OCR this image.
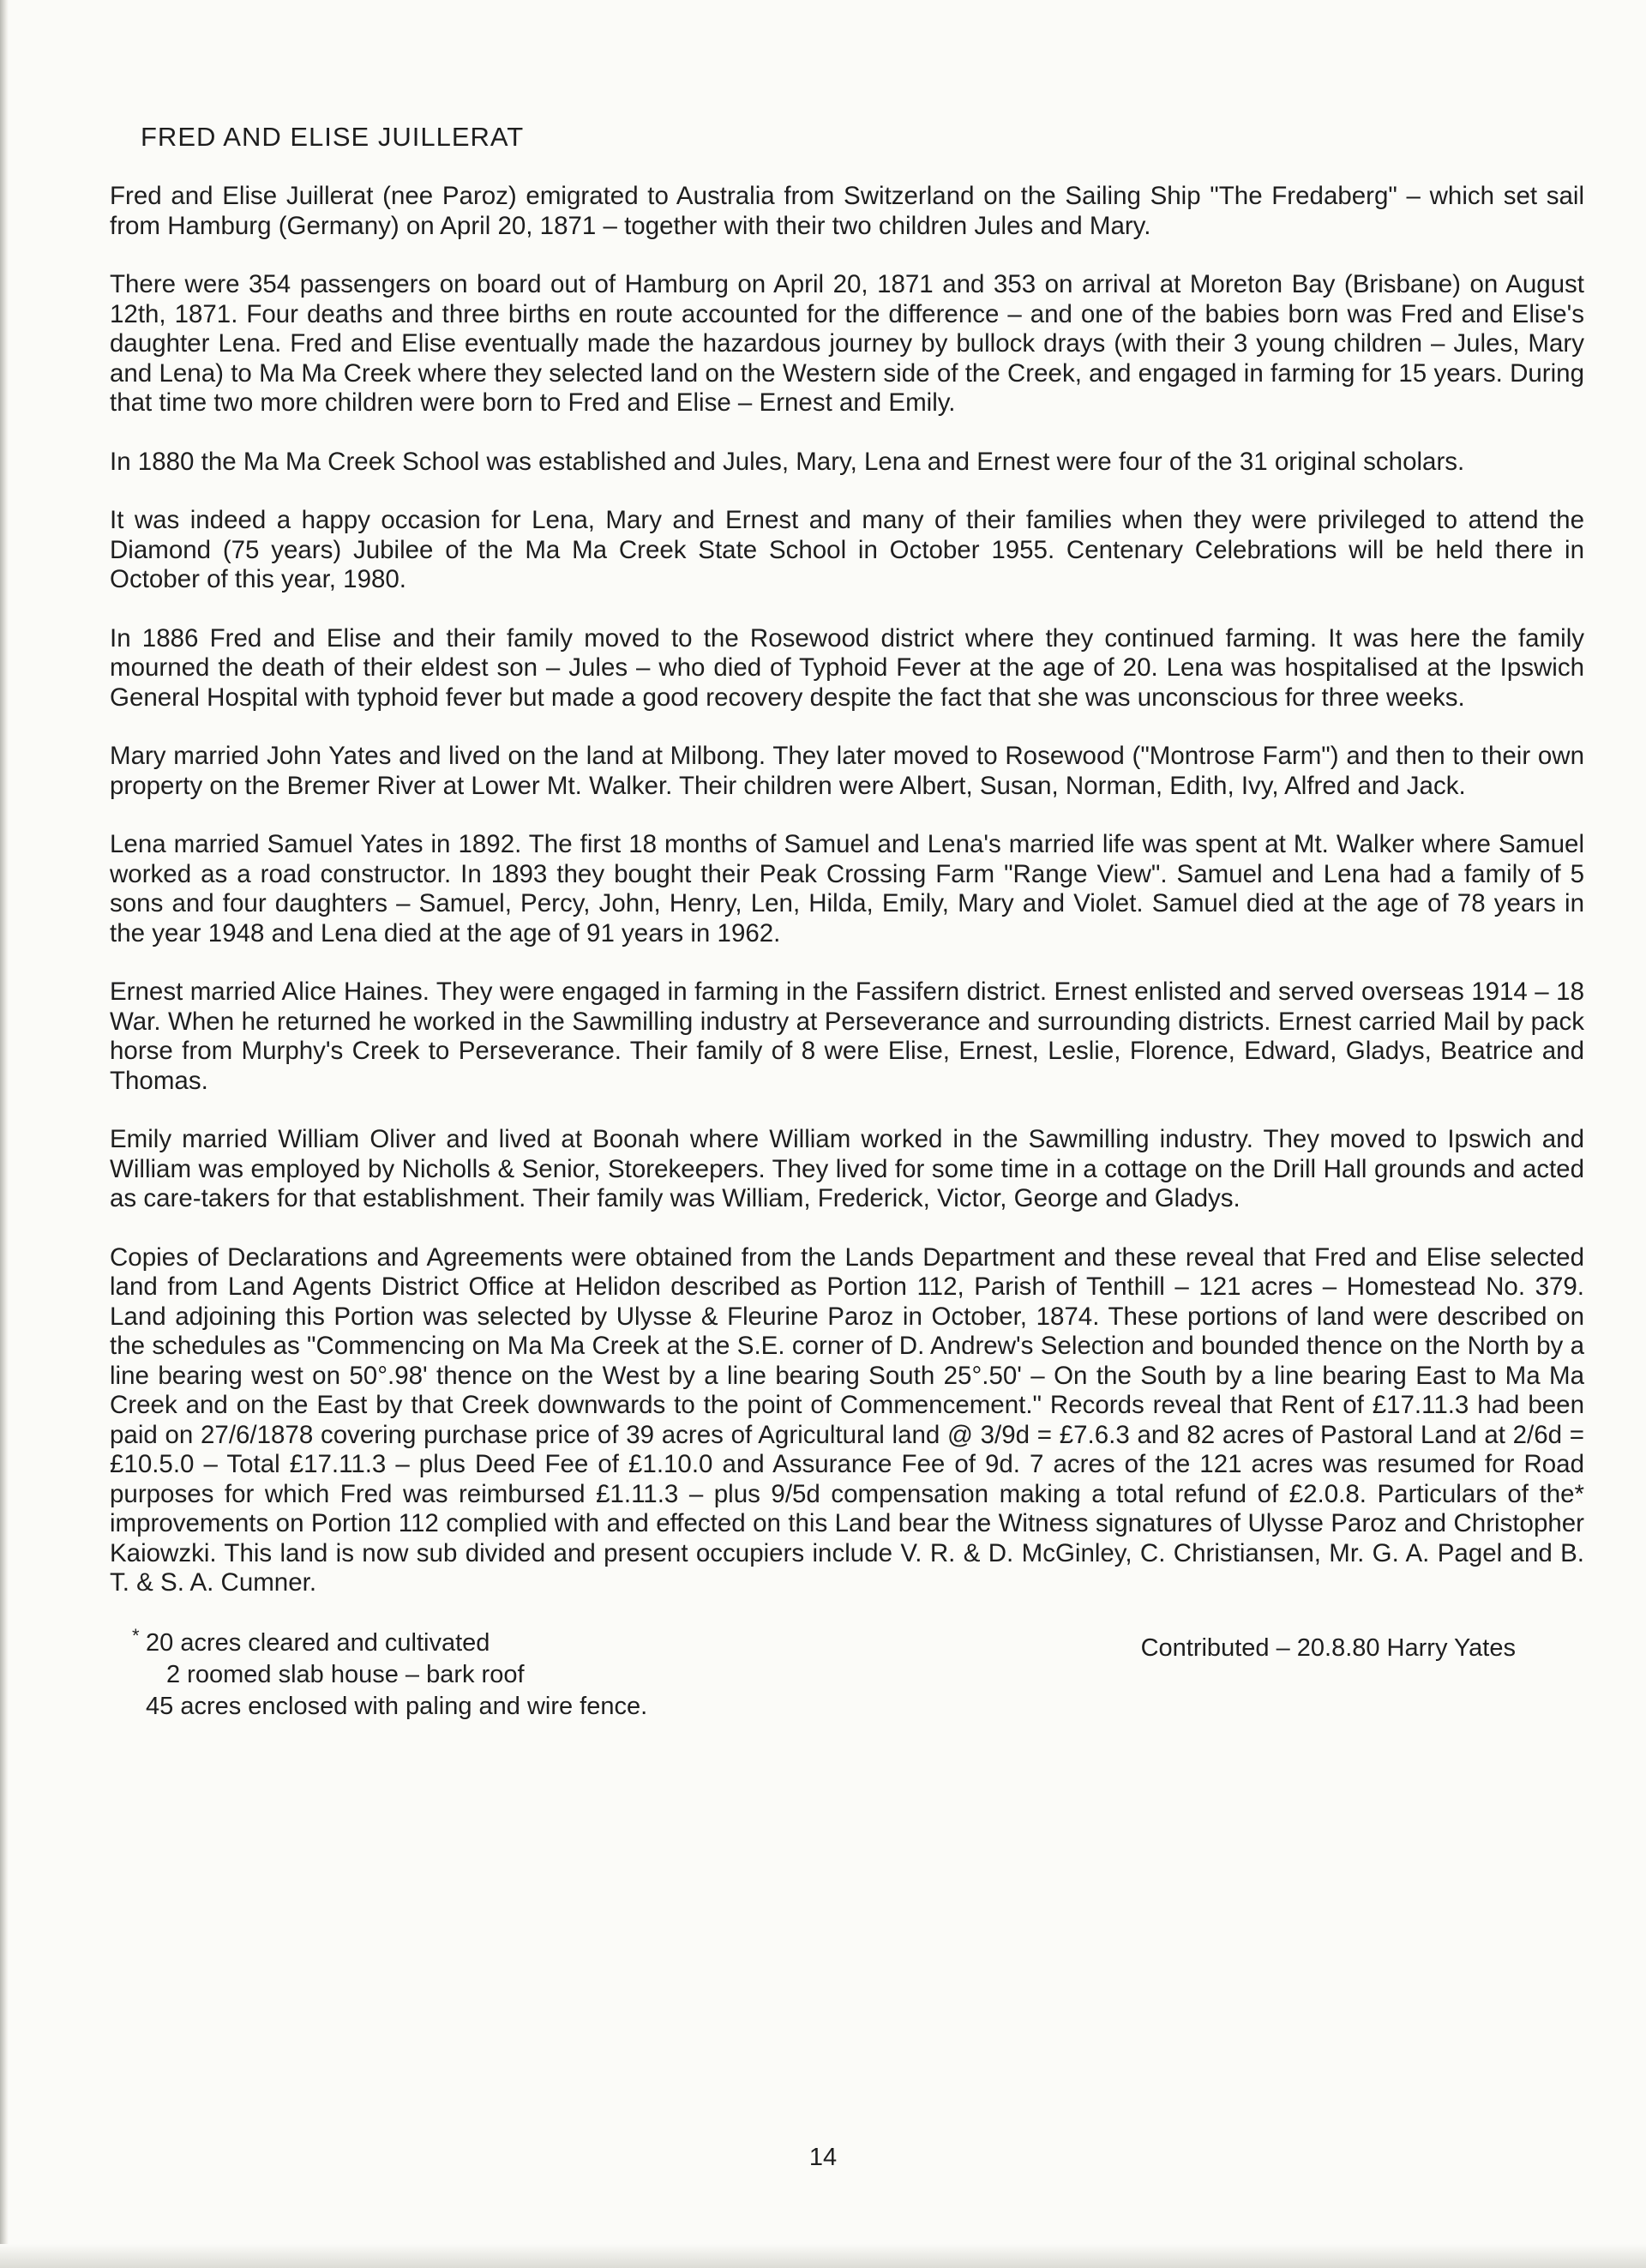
FRED AND ELISE JUILLERAT

Fred and Elise Juillerat (nee Paroz) emigrated to Australia from Switzerland on the Sailing Ship "The Fredaberg" – which set sail from Hamburg (Germany) on April 20, 1871 – together with their two children Jules and Mary.

There were 354 passengers on board out of Hamburg on April 20, 1871 and 353 on arrival at Moreton Bay (Brisbane) on August 12th, 1871. Four deaths and three births en route accounted for the difference – and one of the babies born was Fred and Elise's daughter Lena. Fred and Elise eventually made the hazardous journey by bullock drays (with their 3 young children – Jules, Mary and Lena) to Ma Ma Creek where they selected land on the Western side of the Creek, and engaged in farming for 15 years. During that time two more children were born to Fred and Elise – Ernest and Emily.

In 1880 the Ma Ma Creek School was established and Jules, Mary, Lena and Ernest were four of the 31 original scholars.

It was indeed a happy occasion for Lena, Mary and Ernest and many of their families when they were privileged to attend the Diamond (75 years) Jubilee of the Ma Ma Creek State School in October 1955. Centenary Celebrations will be held there in October of this year, 1980.

In 1886 Fred and Elise and their family moved to the Rosewood district where they continued farming. It was here the family mourned the death of their eldest son – Jules – who died of Typhoid Fever at the age of 20. Lena was hospitalised at the Ipswich General Hospital with typhoid fever but made a good recovery despite the fact that she was unconscious for three weeks.

Mary married John Yates and lived on the land at Milbong. They later moved to Rosewood ("Montrose Farm") and then to their own property on the Bremer River at Lower Mt. Walker. Their children were Albert, Susan, Norman, Edith, Ivy, Alfred and Jack.

Lena married Samuel Yates in 1892. The first 18 months of Samuel and Lena's married life was spent at Mt. Walker where Samuel worked as a road constructor. In 1893 they bought their Peak Crossing Farm "Range View". Samuel and Lena had a family of 5 sons and four daughters – Samuel, Percy, John, Henry, Len, Hilda, Emily, Mary and Violet. Samuel died at the age of 78 years in the year 1948 and Lena died at the age of 91 years in 1962.

Ernest married Alice Haines. They were engaged in farming in the Fassifern district. Ernest enlisted and served overseas 1914 – 18 War. When he returned he worked in the Sawmilling industry at Perseverance and surrounding districts. Ernest carried Mail by pack horse from Murphy's Creek to Perseverance. Their family of 8 were Elise, Ernest, Leslie, Florence, Edward, Gladys, Beatrice and Thomas.

Emily married William Oliver and lived at Boonah where William worked in the Sawmilling industry. They moved to Ipswich and William was employed by Nicholls & Senior, Storekeepers. They lived for some time in a cottage on the Drill Hall grounds and acted as care-takers for that establishment. Their family was William, Frederick, Victor, George and Gladys.

Copies of Declarations and Agreements were obtained from the Lands Department and these reveal that Fred and Elise selected land from Land Agents District Office at Helidon described as Portion 112, Parish of Tenthill – 121 acres – Homestead No. 379. Land adjoining this Portion was selected by Ulysse & Fleurine Paroz in October, 1874. These portions of land were described on the schedules as "Commencing on Ma Ma Creek at the S.E. corner of D. Andrew's Selection and bounded thence on the North by a line bearing west on 50°.98' thence on the West by a line bearing South 25°.50' – On the South by a line bearing East to Ma Ma Creek and on the East by that Creek downwards to the point of Commencement." Records reveal that Rent of £17.11.3 had been paid on 27/6/1878 covering purchase price of 39 acres of Agricultural land @ 3/9d = £7.6.3 and 82 acres of Pastoral Land at 2/6d = £10.5.0 – Total £17.11.3 – plus Deed Fee of £1.10.0 and Assurance Fee of 9d. 7 acres of the 121 acres was resumed for Road purposes for which Fred was reimbursed £1.11.3 – plus 9/5d compensation making a total refund of £2.0.8. Particulars of the* improvements on Portion 112 complied with and effected on this Land bear the Witness signatures of Ulysse Paroz and Christopher Kaiowzki. This land is now sub divided and present occupiers include V. R. & D. McGinley, C. Christiansen, Mr. G. A. Pagel and B. T. & S. A. Cumner.

* 20 acres cleared and cultivated
2 roomed slab house – bark roof
45 acres enclosed with paling and wire fence.
Contributed – 20.8.80 Harry Yates
14
